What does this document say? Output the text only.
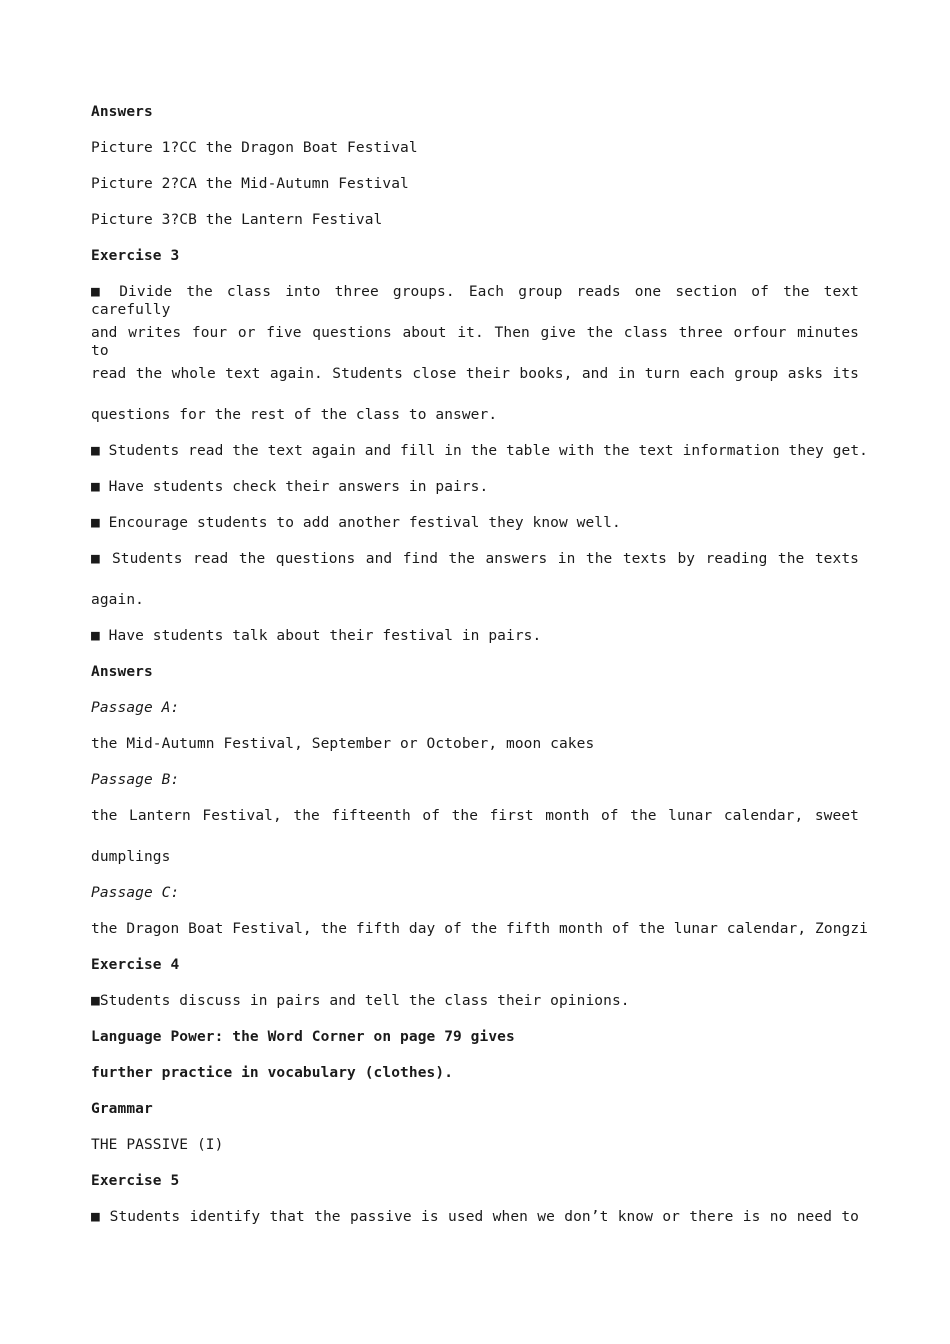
Answers
Picture 1?CC the Dragon Boat Festival
Picture 2?CA the Mid-Autumn Festival
Picture 3?CB the Lantern Festival
Exercise 3
■ Divide the class into three groups. Each group reads one section of the text carefully
and writes four or five questions about it. Then give the class three orfour minutes to
read the whole text again. Students close their books, and in turn each group asks its
questions for the rest of the class to answer.
■ Students read the text again and fill in the table with the text information they get.
■ Have students check their answers in pairs.
■ Encourage students to add another festival they know well.
■ Students read the questions and find the answers in the texts by reading the texts
again.
■ Have students talk about their festival in pairs.
Answers
Passage A:
the Mid-Autumn Festival, September or October, moon cakes
Passage B:
the Lantern Festival, the fifteenth of the first month of the lunar calendar, sweet
dumplings
Passage C:
the Dragon Boat Festival, the fifth day of the fifth month of the lunar calendar, Zongzi
Exercise 4
■Students discuss in pairs and tell the class their opinions.
Language Power: the Word Corner on page 79 gives
further practice in vocabulary (clothes).
Grammar
THE PASSIVE (I)
Exercise 5
■ Students identify that the passive is used when we don’t know or there is no need to
